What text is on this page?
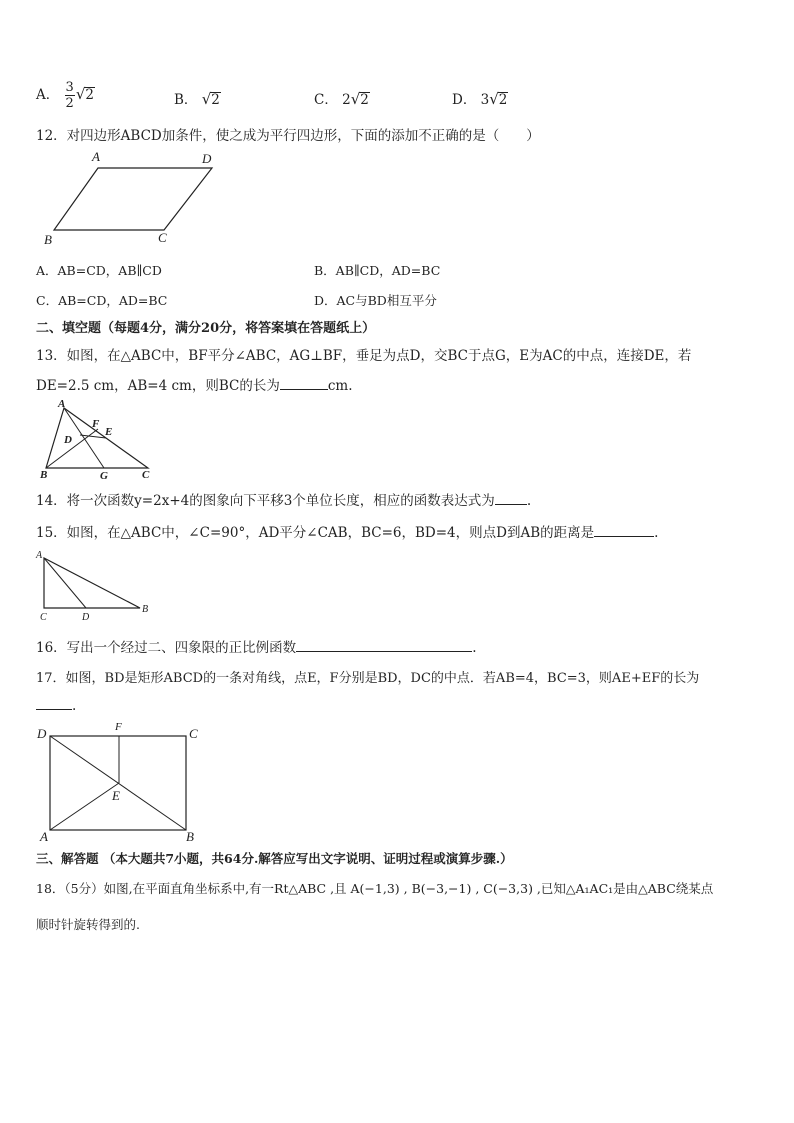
A． $\frac{3}{2} √2$	B． √2	C． 2√2	D． 3√2
12．对四边形ABCD加条件，使之成为平行四边形，下面的添加不正确的是（　　）
A	D
B	C
A．AB=CD，AB∥CD	B．AB∥CD，AD=BC
C．AB=CD，AD=BC	D．AC与BD相互平分
二、填空题（每题4分，满分20分，将答案填在答题纸上）
13．如图，在△ABC中，BF平分∠ABC，AG⊥BF，垂足为点D，交BC于点G，E为AC的中点，连接DE，若
DE=2.5 cm，AB=4 cm，则BC的长为	cm.
A
F
D
E
B	G	C
14．将一次函数y=2x+4的图象向下平移3个单位长度，相应的函数表达式为 .
15．如图，在△ABC中，∠C=90°，AD平分∠CAB，BC=6，BD=4，则点D到AB的距离是	.
A
C	D
B
16．写出一个经过二、四象限的正比例函数	.
17．如图，BD是矩形ABCD的一条对角线，点E，F分别是BD，DC的中点．若AB=4，BC=3，则AE+EF的长为
.
D	F	C
E
A	B
三、解答题 （本大题共7小题，共64分.解答应写出文字说明、证明过程或演算步骤.）
18．（5分）如图,在平面直角坐标系中,有一Rt△ABC ,且 A(−1,3) , B(−3,−1) , C(−3,3) ,已知△A₁AC₁是由△ABC绕某点
顺时针旋转得到的.
